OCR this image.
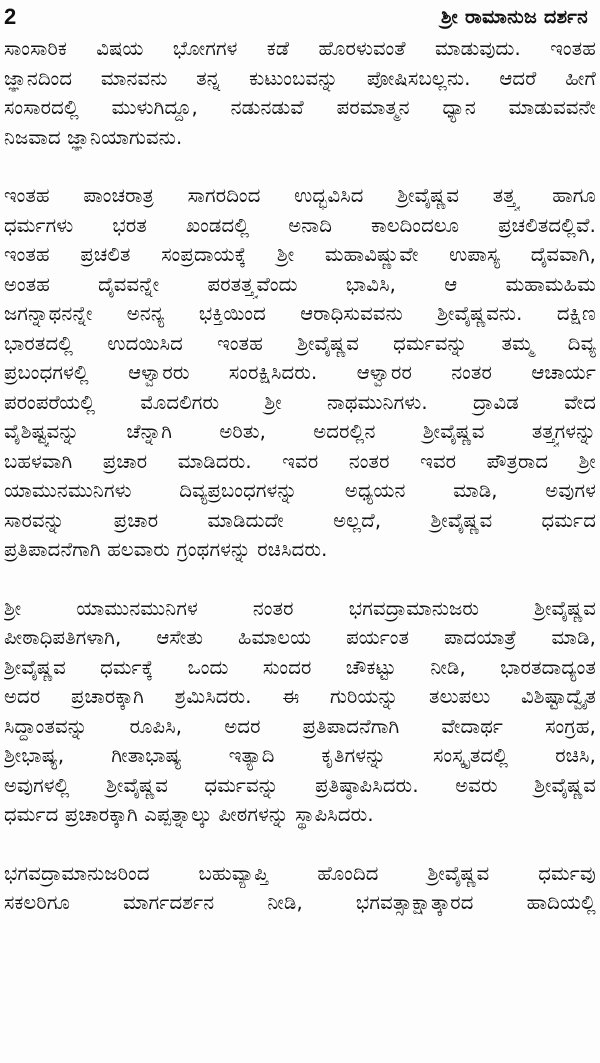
2	ಶ್ರೀ ರಾಮಾನುಜ ದರ್ಶನ
ಸಾಂಸಾರಿಕ ವಿಷಯ ಭೋಗಗಳ ಕಡೆ ಹೊರಳುವಂತೆ ಮಾಡುವುದು. ಇಂತಹ
ಜ್ಞಾನದಿಂದ ಮಾನವನು ತನ್ನ ಕುಟುಂಬವನ್ನು ಪೋಷಿಸಬಲ್ಲನು. ಆದರೆ ಹೀಗೆ
ಸಂಸಾರದಲ್ಲಿ ಮುಳುಗಿದ್ದೂ, ನಡುನಡುವೆ ಪರಮಾತ್ಮನ ಧ್ಯಾನ ಮಾಡುವವನೇ
ನಿಜವಾದ ಜ್ಞಾನಿಯಾಗುವನು.
ಇಂತಹ ಪಾಂಚರಾತ್ರ ಸಾಗರದಿಂದ ಉದ್ಭವಿಸಿದ ಶ್ರೀವೈಷ್ಣವ ತತ್ತ್ವ ಹಾಗೂ
ಧರ್ಮಗಳು ಭರತ ಖಂಡದಲ್ಲಿ ಅನಾದಿ ಕಾಲದಿಂದಲೂ ಪ್ರಚಲಿತದಲ್ಲಿವೆ.
ಇಂತಹ ಪ್ರಚಲಿತ ಸಂಪ್ರದಾಯಕ್ಕೆ ಶ್ರೀ ಮಹಾವಿಷ್ಣುವೇ ಉಪಾಸ್ಯ ದೈವವಾಗಿ,
ಅಂತಹ ದೈವವನ್ನೇ ಪರತತ್ತ್ವವೆಂದು ಭಾವಿಸಿ, ಆ ಮಹಾಮಹಿಮ
ಜಗನ್ನಾಥನನ್ನೇ ಅನನ್ಯ ಭಕ್ತಿಯಿಂದ ಆರಾಧಿಸುವವನು ಶ್ರೀವೈಷ್ಣವನು. ದಕ್ಷಿಣ
ಭಾರತದಲ್ಲಿ ಉದಯಿಸಿದ ಇಂತಹ ಶ್ರೀವೈಷ್ಣವ ಧರ್ಮವನ್ನು ತಮ್ಮ ದಿವ್ಯ
ಪ್ರಬಂಧಗಳಲ್ಲಿ ಆಳ್ವಾರರು ಸಂರಕ್ಷಿಸಿದರು. ಆಳ್ವಾರರ ನಂತರ ಆಚಾರ್ಯ
ಪರಂಪರೆಯಲ್ಲಿ ಮೊದಲಿಗರು ಶ್ರೀ ನಾಥಮುನಿಗಳು. ದ್ರಾವಿಡ ವೇದ
ವೈಶಿಷ್ಟ್ಯವನ್ನು ಚೆನ್ನಾಗಿ ಅರಿತು, ಅದರಲ್ಲಿನ ಶ್ರೀವೈಷ್ಣವ ತತ್ತ್ವಗಳನ್ನು
ಬಹಳವಾಗಿ ಪ್ರಚಾರ ಮಾಡಿದರು. ಇವರ ನಂತರ ಇವರ ಪೌತ್ರರಾದ ಶ್ರೀ
ಯಾಮುನಮುನಿಗಳು ದಿವ್ಯಪ್ರಬಂಧಗಳನ್ನು ಅಧ್ಯಯನ ಮಾಡಿ, ಅವುಗಳ
ಸಾರವನ್ನು ಪ್ರಚಾರ ಮಾಡಿದುದೇ ಅಲ್ಲದೆ, ಶ್ರೀವೈಷ್ಣವ ಧರ್ಮದ
ಪ್ರತಿಪಾದನೆಗಾಗಿ ಹಲವಾರು ಗ್ರಂಥಗಳನ್ನು ರಚಿಸಿದರು.
ಶ್ರೀ ಯಾಮುನಮುನಿಗಳ ನಂತರ ಭಗವದ್ರಾಮಾನುಜರು ಶ್ರೀವೈಷ್ಣವ
ಪೀಠಾಧಿಪತಿಗಳಾಗಿ, ಆಸೇತು ಹಿಮಾಲಯ ಪರ್ಯಂತ ಪಾದಯಾತ್ರೆ ಮಾಡಿ,
ಶ್ರೀವೈಷ್ಣವ ಧರ್ಮಕ್ಕೆ ಒಂದು ಸುಂದರ ಚೌಕಟ್ಟು ನೀಡಿ, ಭಾರತದಾದ್ಯಂತ
ಅದರ ಪ್ರಚಾರಕ್ಕಾಗಿ ಶ್ರಮಿಸಿದರು. ಈ ಗುರಿಯನ್ನು ತಲುಪಲು ವಿಶಿಷ್ಟಾದ್ವೈತ
ಸಿದ್ಧಾಂತವನ್ನು ರೂಪಿಸಿ, ಅದರ ಪ್ರತಿಪಾದನೆಗಾಗಿ ವೇದಾರ್ಥ ಸಂಗ್ರಹ,
ಶ್ರೀಭಾಷ್ಯ, ಗೀತಾಭಾಷ್ಯ ಇತ್ಯಾದಿ ಕೃತಿಗಳನ್ನು ಸಂಸ್ಕೃತದಲ್ಲಿ ರಚಿಸಿ,
ಅವುಗಳಲ್ಲಿ ಶ್ರೀವೈಷ್ಣವ ಧರ್ಮವನ್ನು ಪ್ರತಿಷ್ಠಾಪಿಸಿದರು. ಅವರು ಶ್ರೀವೈಷ್ಣವ
ಧರ್ಮದ ಪ್ರಚಾರಕ್ಕಾಗಿ ಎಪ್ಪತ್ನಾಲ್ಕು ಪೀಠಗಳನ್ನು ಸ್ಥಾಪಿಸಿದರು.
ಭಗವದ್ರಾಮಾನುಜರಿಂದ ಬಹುವ್ಯಾಪ್ತಿ ಹೊಂದಿದ ಶ್ರೀವೈಷ್ಣವ ಧರ್ಮವು
ಸಕಲರಿಗೂ ಮಾರ್ಗದರ್ಶನ ನೀಡಿ, ಭಗವತ್ಸಾಕ್ಷಾತ್ಕಾರದ ಹಾದಿಯಲ್ಲಿ
